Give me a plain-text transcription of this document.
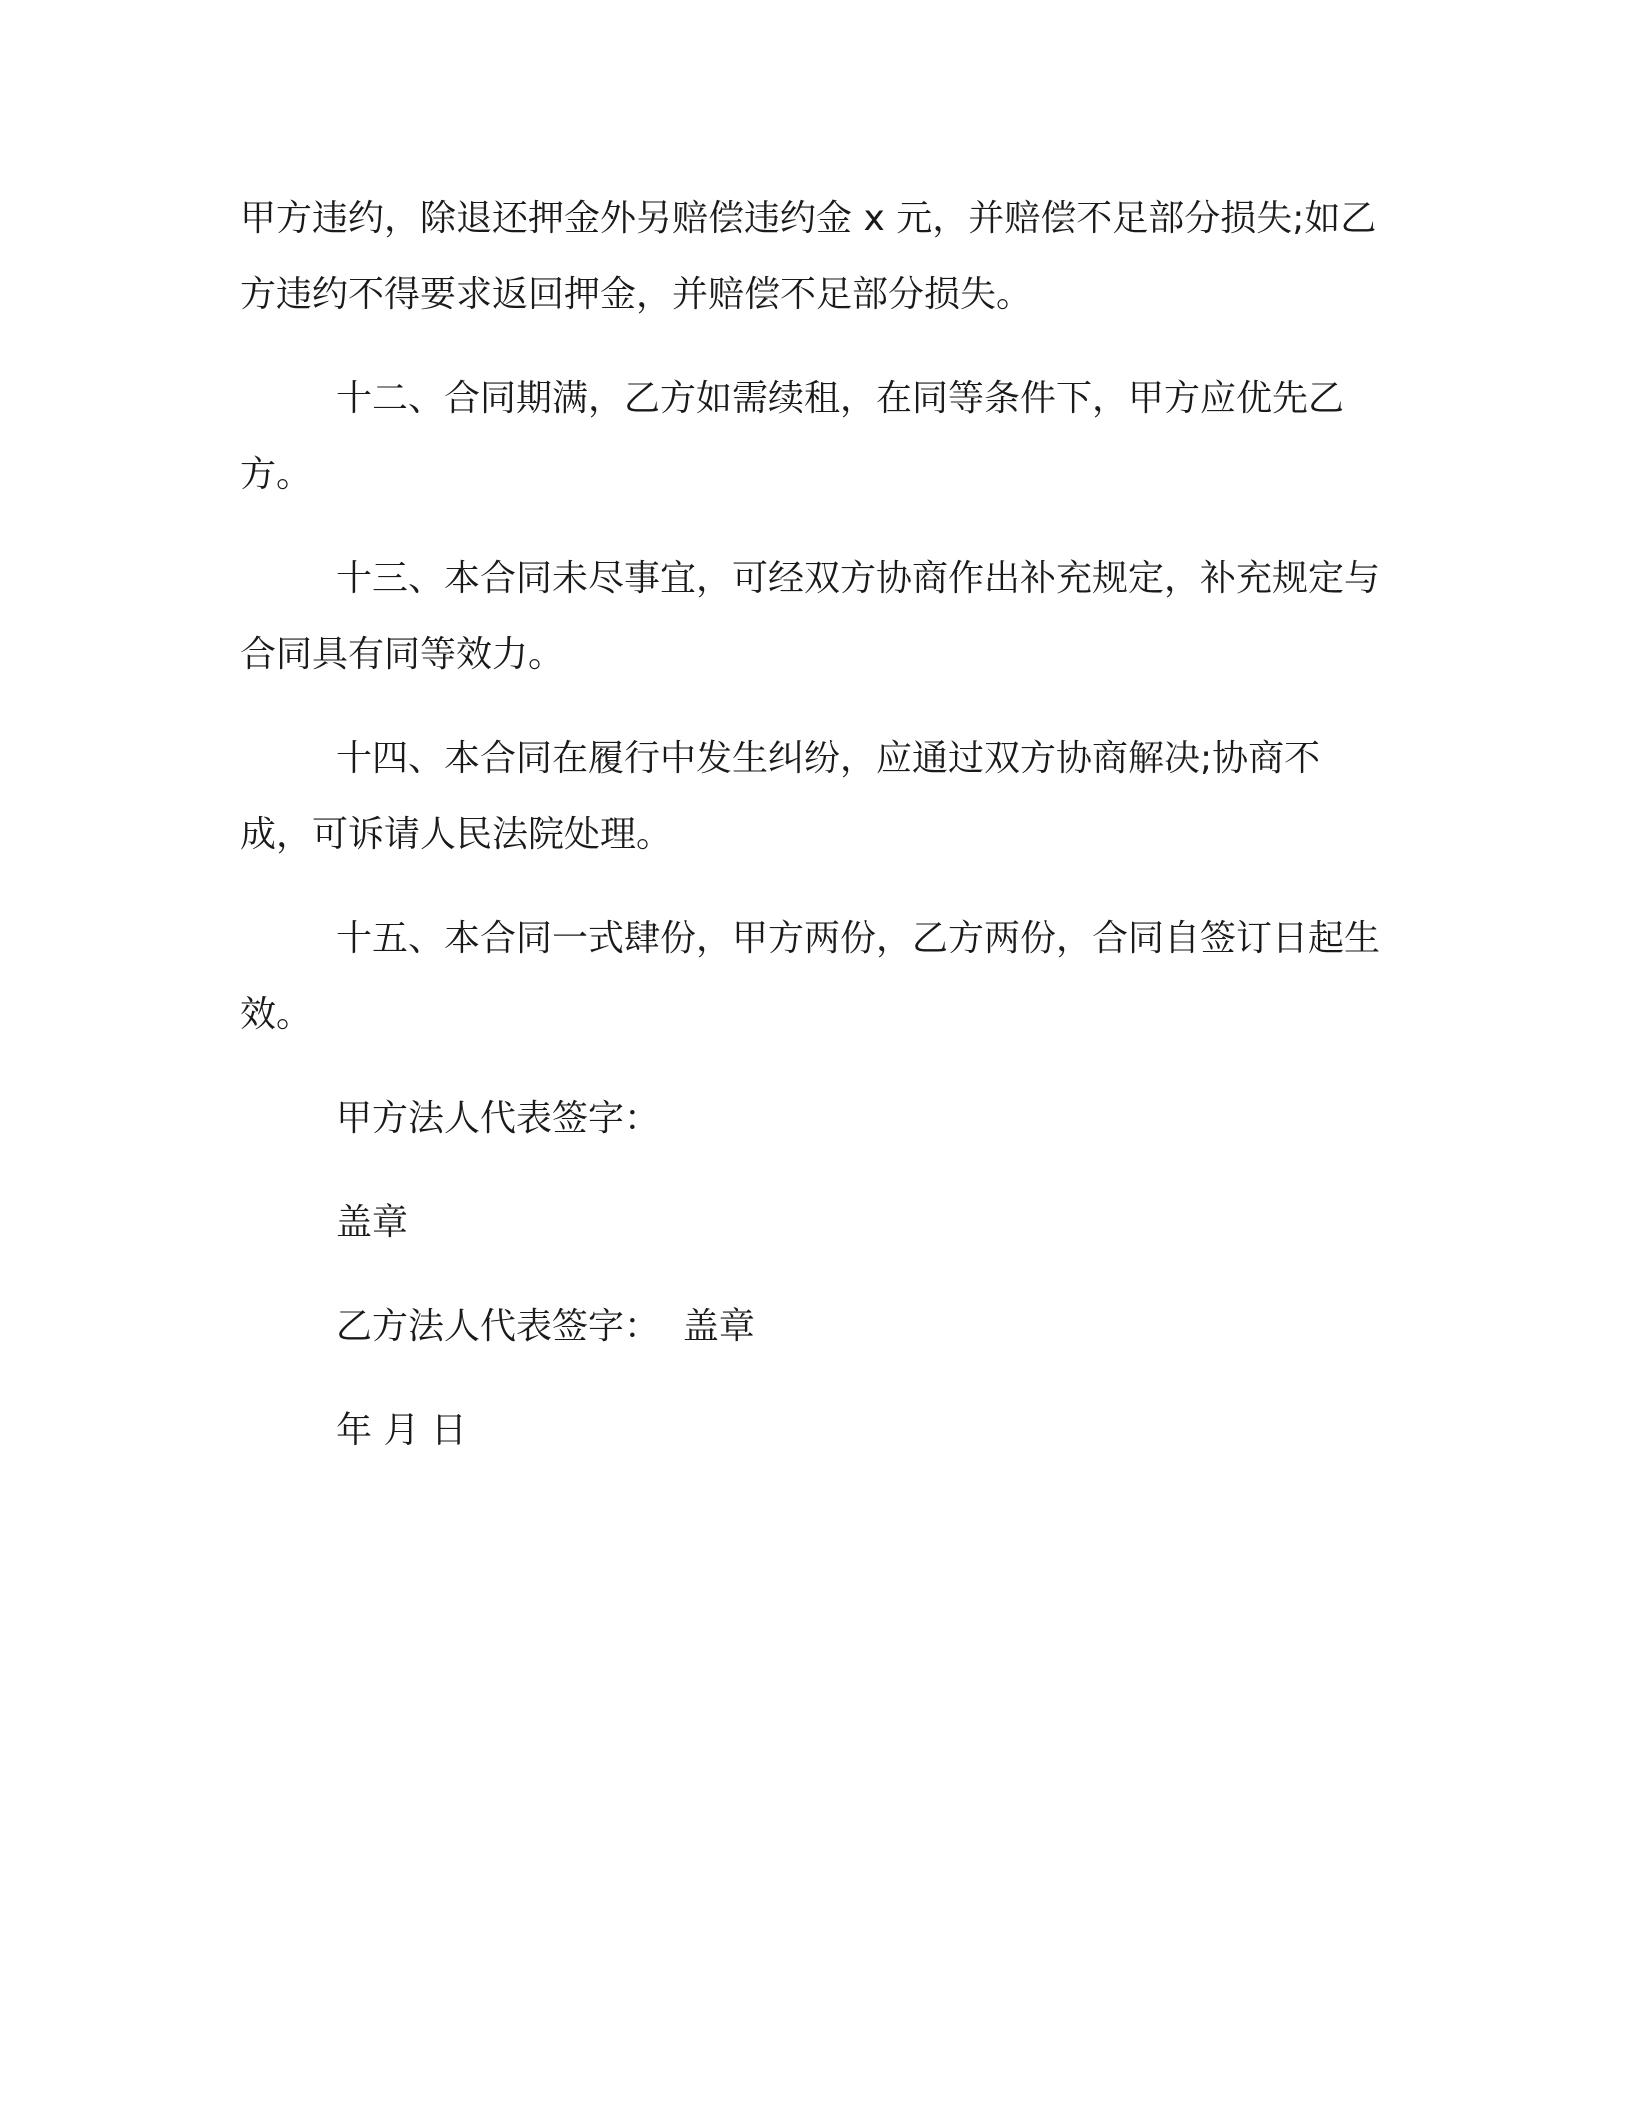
甲方违约，除退还押金外另赔偿违约金 x 元，并赔偿不足部分损失;如乙方违约不得要求返回押金，并赔偿不足部分损失。

十二、合同期满，乙方如需续租，在同等条件下，甲方应优先乙方。

十三、本合同未尽事宜，可经双方协商作出补充规定，补充规定与合同具有同等效力。

十四、本合同在履行中发生纠纷，应通过双方协商解决;协商不成，可诉请人民法院处理。

十五、本合同一式肆份，甲方两份，乙方两份，合同自签订日起生效。

甲方法人代表签字：

盖章

乙方法人代表签字：  盖章

年 月 日
